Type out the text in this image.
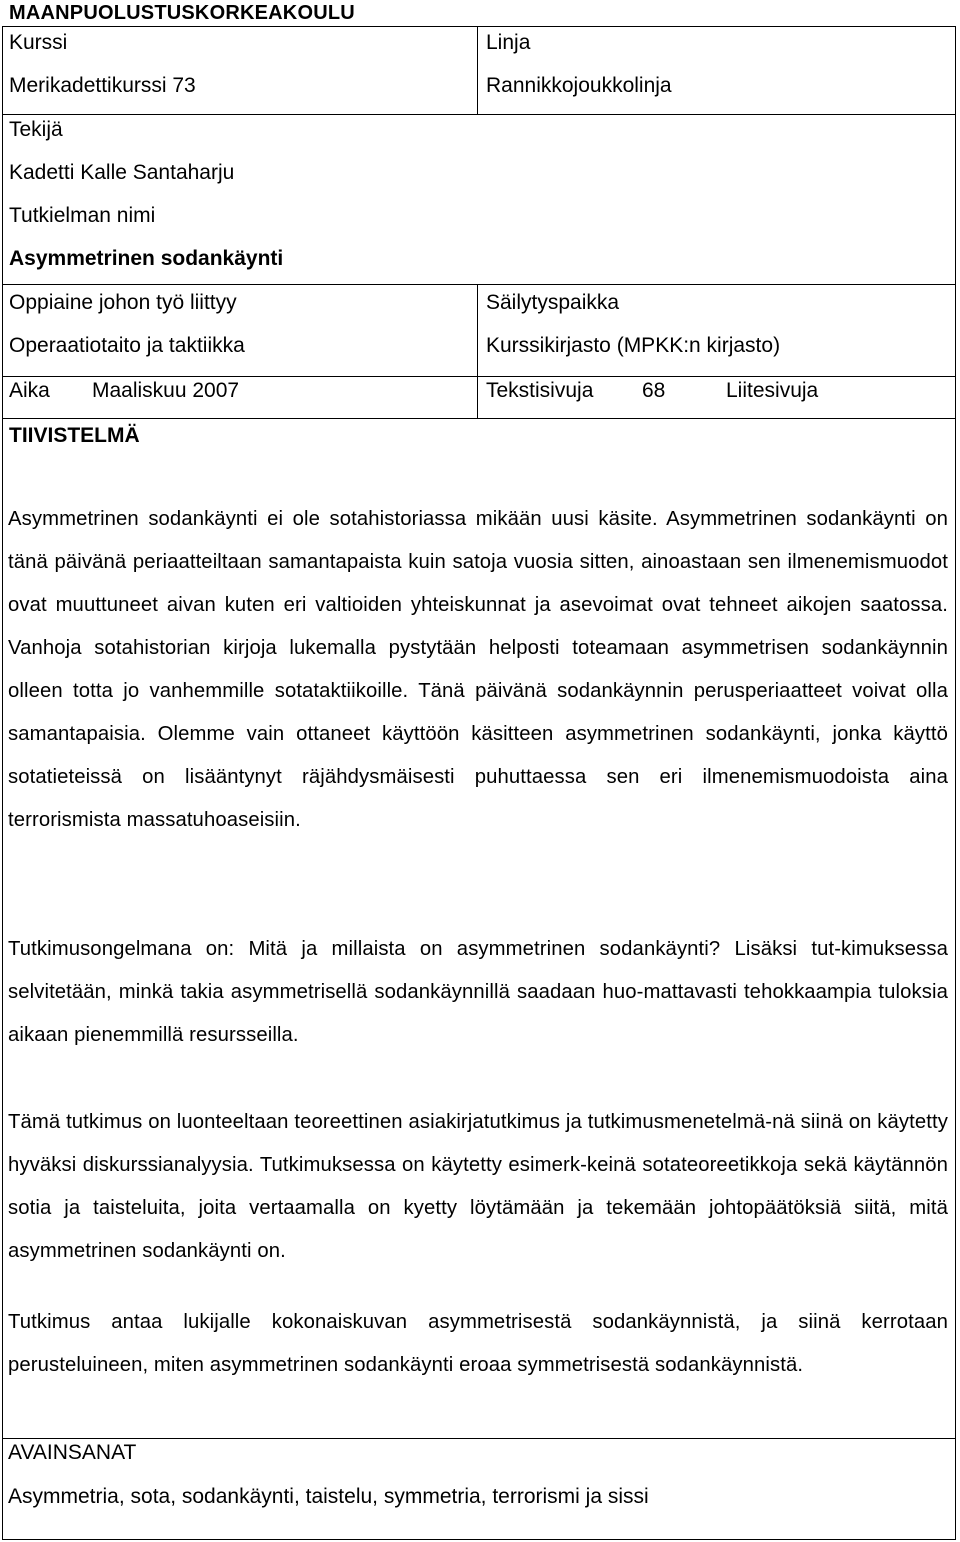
MAANPUOLUSTUSKORKEAKOULU
Kurssi
Merikadettikurssi 73
Linja
Rannikkojoukkolinja
Tekijä
Kadetti Kalle Santaharju
Tutkielman nimi
Asymmetrinen sodankäynti
Oppiaine johon työ liittyy
Operaatiotaito ja taktiikka
Säilytyspaikka
Kurssikirjasto (MPKK:n kirjasto)
Aika Maaliskuu 2007	Tekstisivuja 68	Liitesivuja
TIIVISTELMÄ
Asymmetrinen sodankäynti ei ole sotahistoriassa mikään uusi käsite. Asymmetrinen sodankäynti on tänä päivänä periaatteiltaan samantapaista kuin satoja vuosia sitten, ainoastaan sen ilmenemismuodot ovat muuttuneet aivan kuten eri valtioiden yhteiskunnat ja asevoimat ovat tehneet aikojen saatossa. Vanhoja sotahistorian kirjoja lukemalla pystytään helposti toteamaan asymmetrisen sodankäynnin olleen totta jo vanhemmille sotataktiikoille. Tänä päivänä sodankäynnin perusperiaatteet voivat olla samantapaisia. Olemme vain ottaneet käyttöön käsitteen asymmetrinen sodankäynti, jonka käyttö sotatieteissä on lisääntynyt räjähdysmäisesti puhuttaessa sen eri ilmenemismuodoista aina terrorismista massatuhoaseisiin.
Tutkimusongelmana on: Mitä ja millaista on asymmetrinen sodankäynti? Lisäksi tut-kimuksessa selvitetään, minkä takia asymmetrisellä sodankäynnillä saadaan huo-mattavasti tehokkaampia tuloksia aikaan pienemmillä resursseilla.
Tämä tutkimus on luonteeltaan teoreettinen asiakirjatutkimus ja tutkimusmenetelmä-nä siinä on käytetty hyväksi diskurssianalyysia. Tutkimuksessa on käytetty esimerk-keinä sotateoreetikkoja sekä käytännön sotia ja taisteluita, joita vertaamalla on kyetty löytämään ja tekemään johtopäätöksiä siitä, mitä asymmetrinen sodankäynti on.
Tutkimus antaa lukijalle kokonaiskuvan asymmetrisestä sodankäynnistä, ja siinä kerrotaan perusteluineen, miten asymmetrinen sodankäynti eroaa symmetrisestä sodankäynnistä.
AVAINSANAT
Asymmetria, sota, sodankäynti, taistelu, symmetria, terrorismi ja sissi
